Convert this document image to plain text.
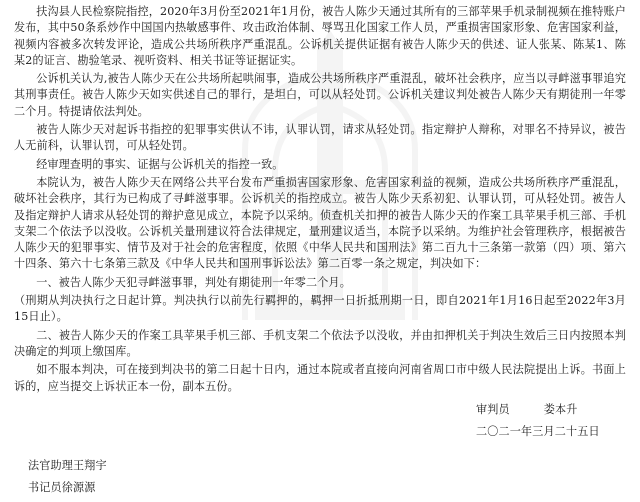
扶沟县人民检察院指控，2020年3月份至2021年1月份，被告人陈少天通过其所有的三部苹果手机录制视频在推特账户发布，其中50条系炒作中国国内热敏感事件、攻击政治体制、辱骂丑化国家工作人员，严重损害国家形象、危害国家利益，视频内容被多次转发评论，造成公共场所秩序严重混乱。公诉机关提供证据有被告人陈少天的供述、证人张某、陈某1、陈某2的证言、勘验笔录、视听资料、相关书证等证据证实。

公诉机关认为,被告人陈少天在公共场所起哄闹事，造成公共场所秩序严重混乱，破坏社会秩序，应当以寻衅滋事罪追究其刑事责任。被告人陈少天如实供述自己的罪行，是坦白，可以从轻处罚。公诉机关建议判处被告人陈少天有期徒刑一年零二个月。特提请依法判处。

被告人陈少天对起诉书指控的犯罪事实供认不讳，认罪认罚，请求从轻处罚。指定辩护人辩称，对罪名不持异议，被告人无前科，认罪认罚，可从轻处罚。

经审理查明的事实、证据与公诉机关的指控一致。

本院认为，被告人陈少天在网络公共平台发布严重损害国家形象、危害国家利益的视频，造成公共场所秩序严重混乱，破坏社会秩序，其行为已构成了寻衅滋事罪。公诉机关的指控成立。被告人陈少天系初犯、认罪认罚，可从轻处罚。被告人及指定辩护人请求从轻处罚的辩护意见成立，本院予以采纳。侦查机关扣押的被告人陈少天的作案工具苹果手机三部、手机支架二个依法予以没收。公诉机关量刑建议符合法律规定，量刑建议适当，本院予以采纳。为维护社会管理秩序，根据被告人陈少天的犯罪事实、情节及对于社会的危害程度，依照《中华人民共和国刑法》第二百九十三条第一款第（四）项、第六十四条、第六十七条第三款及《中华人民共和国刑事诉讼法》第二百零一条之规定，判决如下：

一、被告人陈少天犯寻衅滋事罪，判处有期徒刑一年零二个月。

（刑期从判决执行之日起计算。判决执行以前先行羁押的，羁押一日折抵刑期一日，即自2021年1月16日起至2022年3月15日止）。

二、被告人陈少天的作案工具苹果手机三部、手机支架二个依法予以没收，并由扣押机关于判决生效后三日内按照本判决确定的判项上缴国库。

如不服本判决，可在接到判决书的第二日起十日内，通过本院或者直接向河南省周口市中级人民法院提出上诉。书面上诉的，应当提交上诉状正本一份，副本五份。

审判员	娄本升
二〇二一年三月二十五日
法官助理王翔宇
书记员徐源源
